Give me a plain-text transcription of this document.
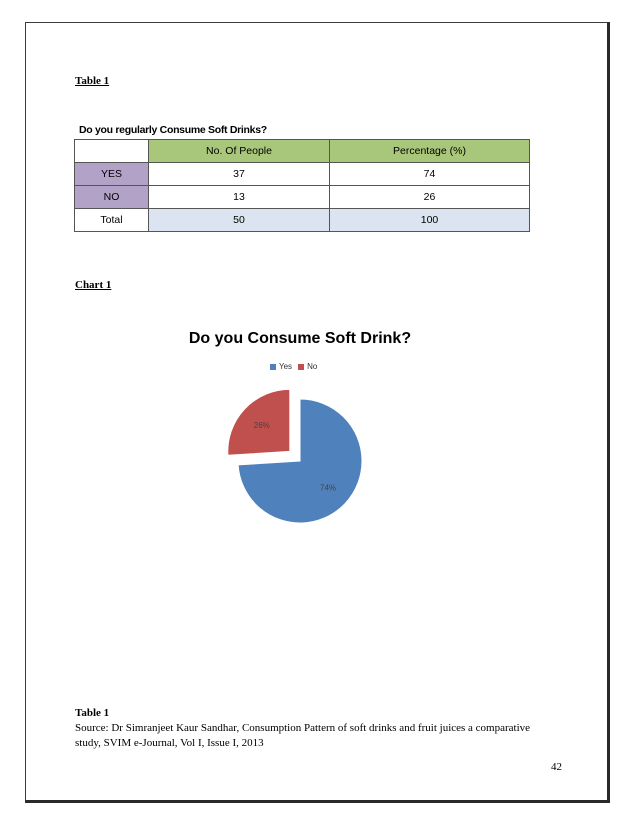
Table 1
Do you regularly Consume Soft Drinks?
	No. Of People	Percentage (%)
YES	37	74
NO	13	26
Total	50	100
Chart 1
Do you Consume Soft Drink?
Yes No
74%
26%
Table 1
Source: Dr Simranjeet Kaur Sandhar, Consumption Pattern of soft drinks and fruit juices a comparative study, SVIM e-Journal, Vol I, Issue I, 2013
42
